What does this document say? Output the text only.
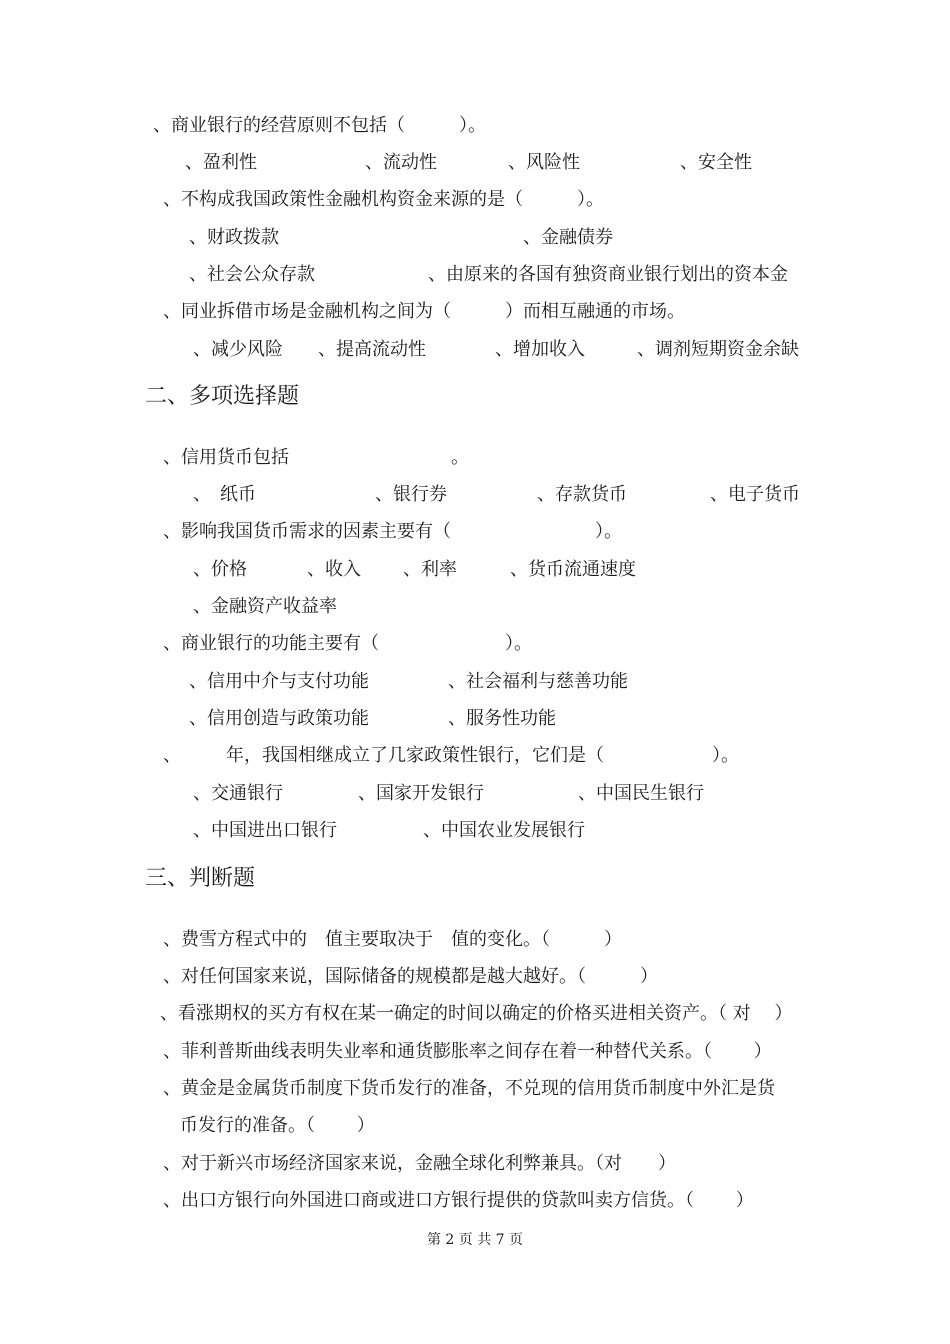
、商业银行的经营原则不包括（　　　）。
、盈利性	、流动性	、风险性	、安全性
、不构成我国政策性金融机构资金来源的是（　　　）。
、财政拨款	、金融债券
、社会公众存款	、由原来的各国有独资商业银行划出的资本金
、同业拆借市场是金融机构之间为（　　　）而相互融通的市场。
、减少风险 、提高流动性	、增加收入	、调剂短期资金余缺
二、多项选择题
、信用货币包括　　　　　　　　　。
、　纸币	、银行券	、存款货币	、电子货币
、影响我国货币需求的因素主要有（　　　　　　　　）。
、价格	、收入 、利率	、货币流通速度
、金融资产收益率
、商业银行的功能主要有（　　　　　　　）。
、信用中介与支付功能	、社会福利与慈善功能
、信用创造与政策功能	、服务性功能
、　　　年，我国相继成立了几家政策性银行，它们是（　　　　　　）。
、交通银行	、国家开发银行	、中国民生银行
、中国进出口银行	、中国农业发展银行
三、判断题
、费雪方程式中的　值主要取决于　值的变化。（　　　）
、对任何国家来说，国际储备的规模都是越大越好。（　　　）
、看涨期权的买方有权在某一确定的时间以确定的价格买进相关资产。（ 对　 ）
、菲利普斯曲线表明失业率和通货膨胀率之间存在着一种替代关系。（　　 ）
、黄金是金属货币制度下货币发行的准备，不兑现的信用货币制度中外汇是货
币发行的准备。（　　 ）
、对于新兴市场经济国家来说，金融全球化利弊兼具。（对　　）
、出口方银行向外国进口商或进口方银行提供的贷款叫卖方信货。（　　 ）
第 2 页 共 7 页
